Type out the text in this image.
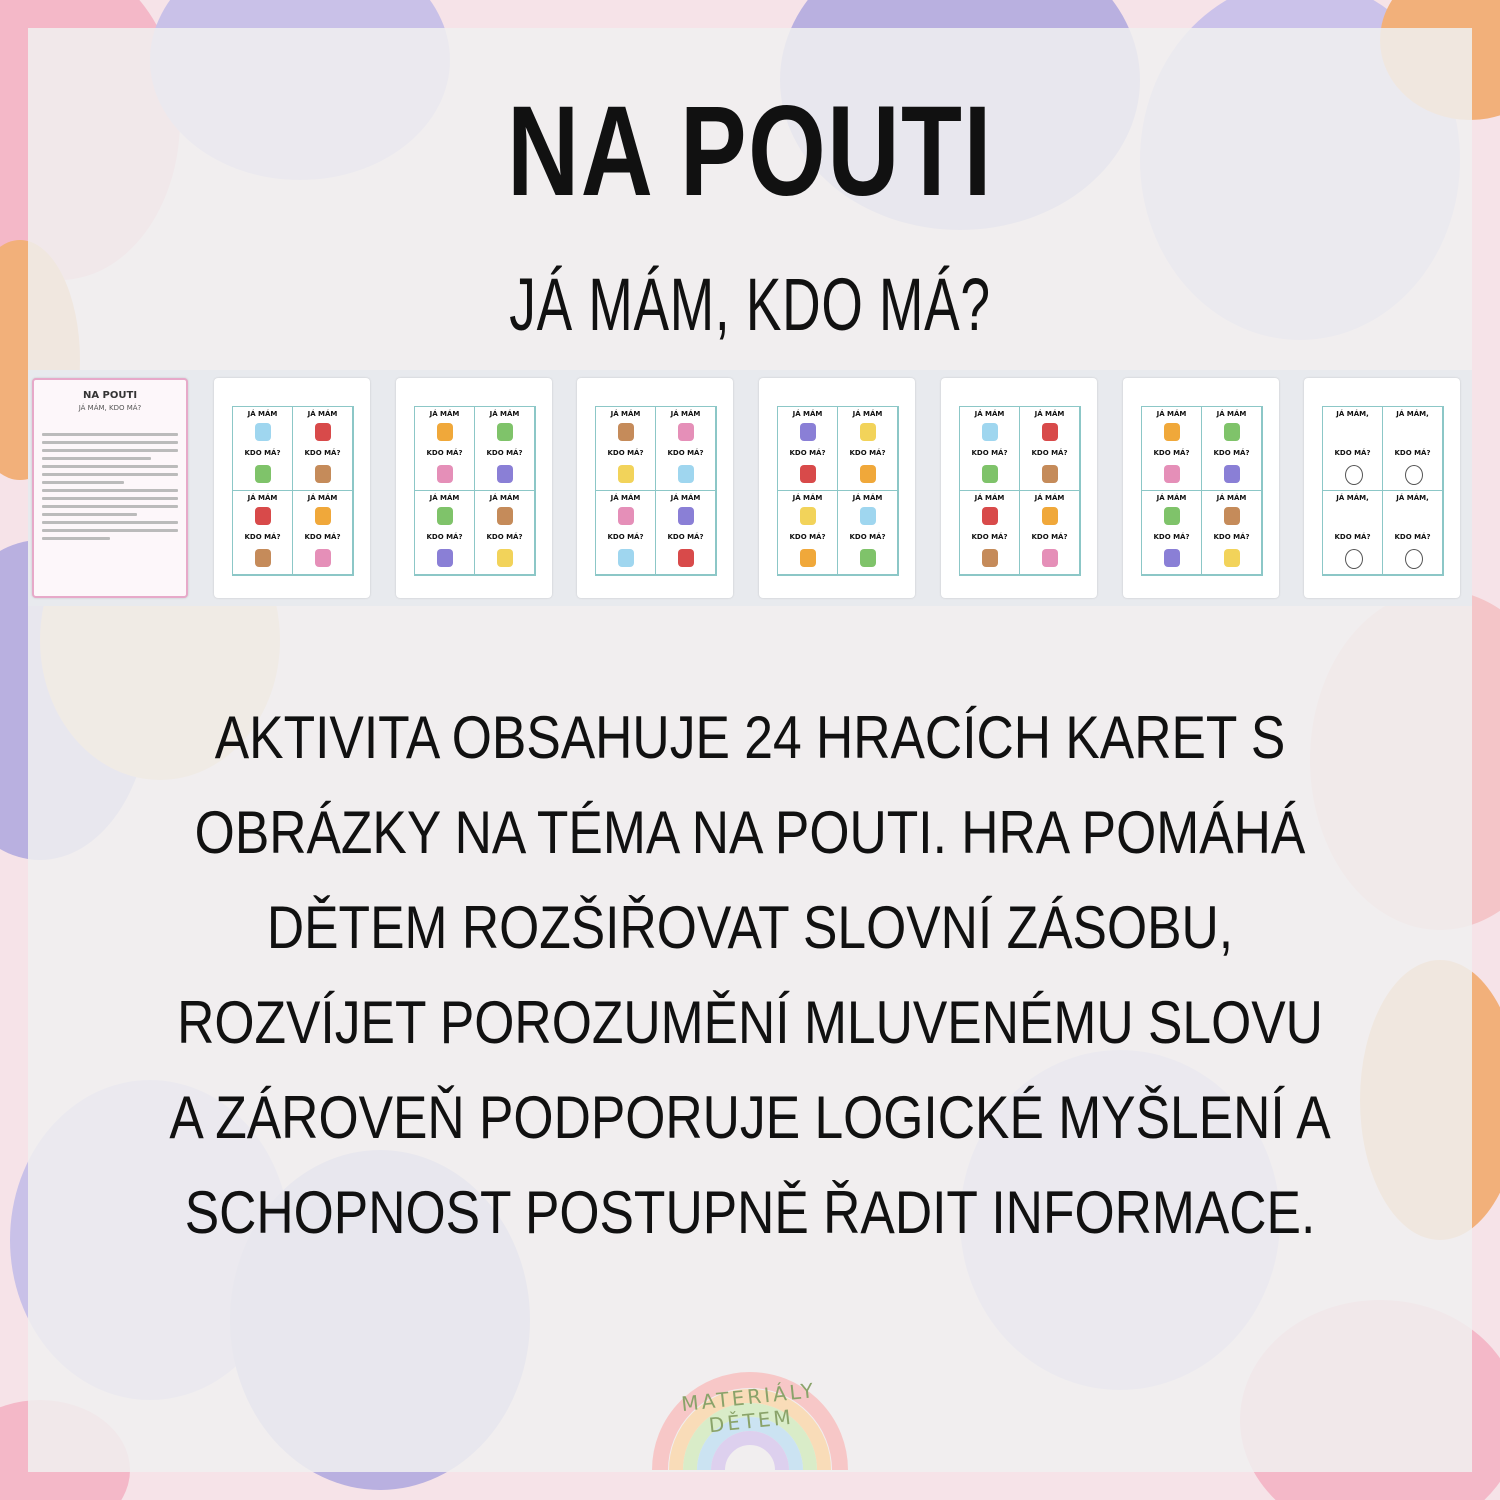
NA POUTI
JÁ MÁM, KDO MÁ?
NA POUTI
JÁ MÁM, KDO MÁ?
JÁ MÁM
KDO MÁ?
JÁ MÁM
KDO MÁ?
JÁ MÁM
KDO MÁ?
JÁ MÁM
KDO MÁ?
JÁ MÁM
KDO MÁ?
JÁ MÁM
KDO MÁ?
JÁ MÁM
KDO MÁ?
JÁ MÁM
KDO MÁ?
JÁ MÁM
KDO MÁ?
JÁ MÁM
KDO MÁ?
JÁ MÁM
KDO MÁ?
JÁ MÁM
KDO MÁ?
JÁ MÁM
KDO MÁ?
JÁ MÁM
KDO MÁ?
JÁ MÁM
KDO MÁ?
JÁ MÁM
KDO MÁ?
JÁ MÁM
KDO MÁ?
JÁ MÁM
KDO MÁ?
JÁ MÁM
KDO MÁ?
JÁ MÁM
KDO MÁ?
JÁ MÁM
KDO MÁ?
JÁ MÁM
KDO MÁ?
JÁ MÁM
KDO MÁ?
JÁ MÁM
KDO MÁ?
JÁ MÁM,
KDO MÁ?
JÁ MÁM,
KDO MÁ?
JÁ MÁM,
KDO MÁ?
JÁ MÁM,
KDO MÁ?

AKTIVITA OBSAHUJE 24 HRACÍCH KARET S OBRÁZKY NA TÉMA NA POUTI. HRA POMÁHÁ DĚTEM ROZŠIŘOVAT SLOVNÍ ZÁSOBU, ROZVÍJET POROZUMĚNÍ MLUVENÉMU SLOVU A ZÁROVEŇ PODPORUJE LOGICKÉ MYŠLENÍ A SCHOPNOST POSTUPNĚ ŘADIT INFORMACE.

MATERIÁLY DĚTEM
